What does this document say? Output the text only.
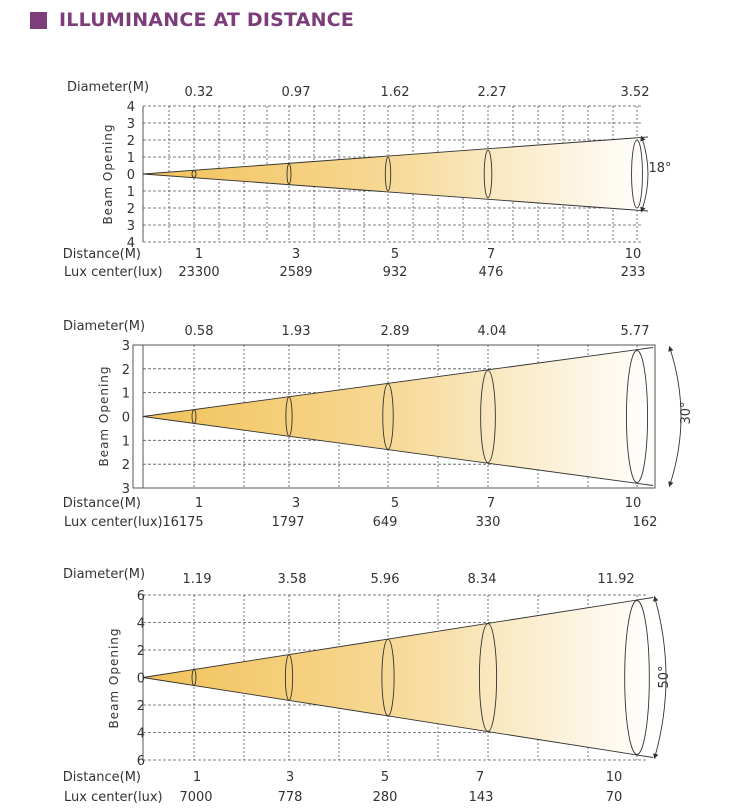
ILLUMINANCE AT DISTANCE
4
3
2
1
0
1
2
3
4
Beam Opening
Diameter(M)	0.32	0.97	1.62	2.27	3.52
Distance(M)	1	3	5	7	10
Lux center(lux) 23300	2589	932	476	233
18°
3
2
1
0
1
2
3
Beam Opening
Diameter(M)	0.58	1.93	2.89	4.04	5.77
Distance(M)	1	3	5	7	10
Lux center(lux) 16175	1797	649	330	162
30°
6
4
2
0
2
4
6
Beam Opening
Diameter(M)	1.19	3.58	5.96	8.34	11.92
Distance(M)	1	3	5	7	10
Lux center(lux) 7000	778	280	143	70
50°
